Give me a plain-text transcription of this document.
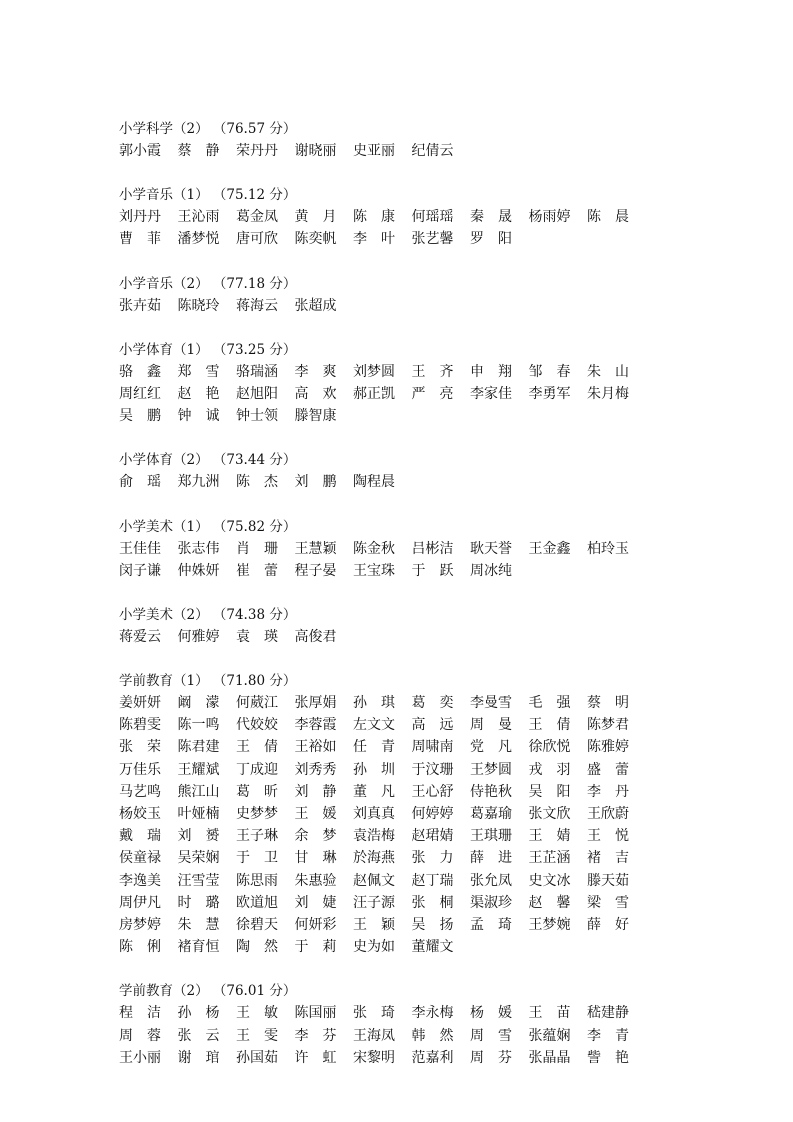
小学科学（2） （76.57 分）
郭小霞	蔡　静	荣丹丹	谢晓丽	史亚丽	纪倩云
小学音乐（1） （75.12 分）
刘丹丹	王沁雨	葛金凤	黄　月	陈　康	何瑶瑶	秦　晟	杨雨婷	陈　晨
曹　菲	潘梦悦	唐可欣	陈奕帆	李　叶	张艺馨	罗　阳
小学音乐（2） （77.18 分）
张卉茹	陈晓玲	蒋海云	张超成
小学体育（1） （73.25 分）
骆　鑫	郑　雪	骆瑞涵	李　爽	刘梦圆	王　齐	申　翔	邹　春	朱　山
周红红	赵　艳	赵旭阳	高　欢	郝正凯	严　亮	李家佳	李勇军	朱月梅
吴　鹏	钟　诚	钟士领	滕智康
小学体育（2） （73.44 分）
俞　瑶	郑九洲	陈　杰	刘　鹏	陶程晨
小学美术（1） （75.82 分）
王佳佳	张志伟	肖　珊	王慧颖	陈金秋	吕彬洁	耿天誉	王金鑫	柏玲玉
闵子谦	仲姝妍	崔　蕾	程子晏	王宝珠	于　跃	周冰纯
小学美术（2） （74.38 分）
蒋爱云	何雅婷	袁　瑛	高俊君
学前教育（1） （71.80 分）
姜妍妍	阚　濛	何葳江	张厚娟	孙　琪	葛　奕	李曼雪	毛　强	蔡　明
陈碧雯	陈一鸣	代姣姣	李蓉霞	左文文	高　远	周　曼	王　倩	陈梦君
张　荣	陈君建	王　倩	王裕如	任　青	周啸南	党　凡	徐欣悦	陈雅婷
万佳乐	王耀斌	丁成迎	刘秀秀	孙　圳	于汶珊	王梦圆	戎　羽	盛　蕾
马艺鸣	熊江山	葛　昕	刘　静	董　凡	王心舒	侍艳秋	吴　阳	李　丹
杨姣玉	叶娅楠	史梦梦	王　媛	刘真真	何婷婷	葛嘉瑜	张文欣	王欣蔚
戴　瑞	刘　赟	王子琳	余　梦	袁浩梅	赵珺婧	王琪珊	王　婧	王　悦
侯童禄	吴荣娴	于　卫	甘　琳	於海燕	张　力	薛　进	王芷涵	褚　吉
李逸美	汪雪莹	陈思雨	朱惠验	赵佩文	赵丁瑞	张允凤	史文冰	滕天茹
周伊凡	时　璐	欧道旭	刘　婕	汪子源	张　桐	渠淑珍	赵　馨	梁　雪
房梦婷	朱　慧	徐碧天	何妍彩	王　颖	吴　扬	孟　琦	王梦婉	薛　好
陈　俐	褚育恒	陶　然	于　莉	史为如	董耀文
学前教育（2） （76.01 分）
程　洁	孙　杨	王　敏	陈国丽	张　琦	李永梅	杨　媛	王　苗	嵇建静
周　蓉	张　云	王　雯	李　芬	王海凤	韩　然	周　雪	张蕴娴	李　青
王小丽	谢　琯	孙国茹	许　虹	宋黎明	范嘉利	周　芬	张晶晶	訾　艳
